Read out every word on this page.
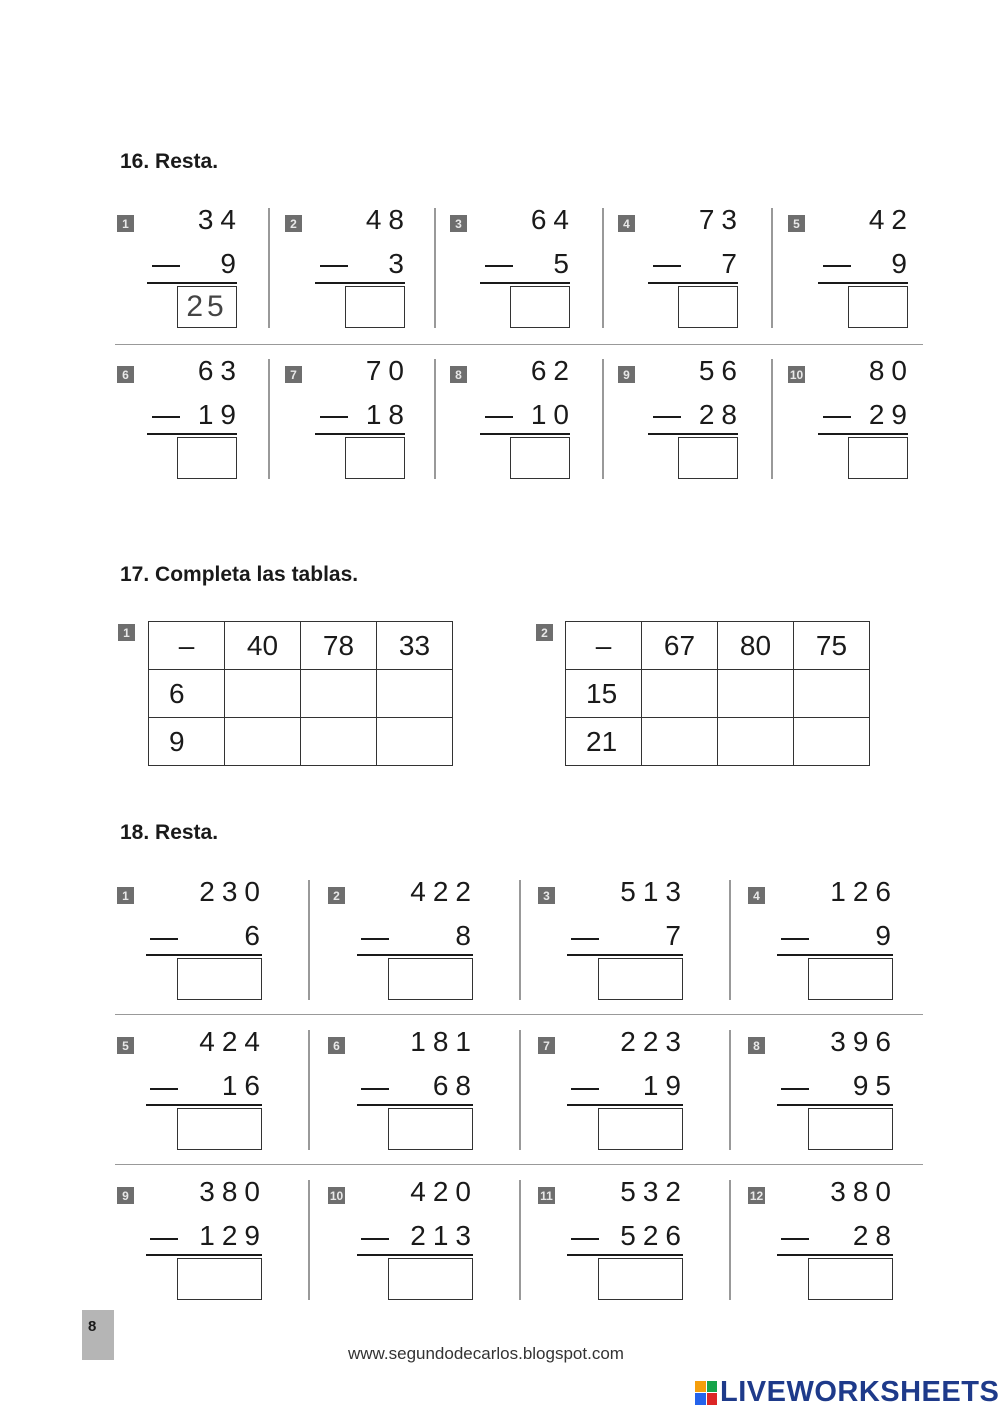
16. Resta.
1	34
9
25
2	48
3
3	64
5
4	73
7
5	42
9
6	63
19
7	70
18
8	62
10
9	56
28
10	80
29
17. Completa las tablas.
1 –	40	78	33
6			
9			
2 –	67	80	75
15			
21			
18. Resta.
1	230
6
2	422
8
3	513
7
4	126
9
5	424
16
6	181
68
7	223
19
8	396
95
9	380
129
10	420
213
11	532
526
12	380
28
8
www.segundodecarlos.blogspot.com
LIVEWORKSHEETS
